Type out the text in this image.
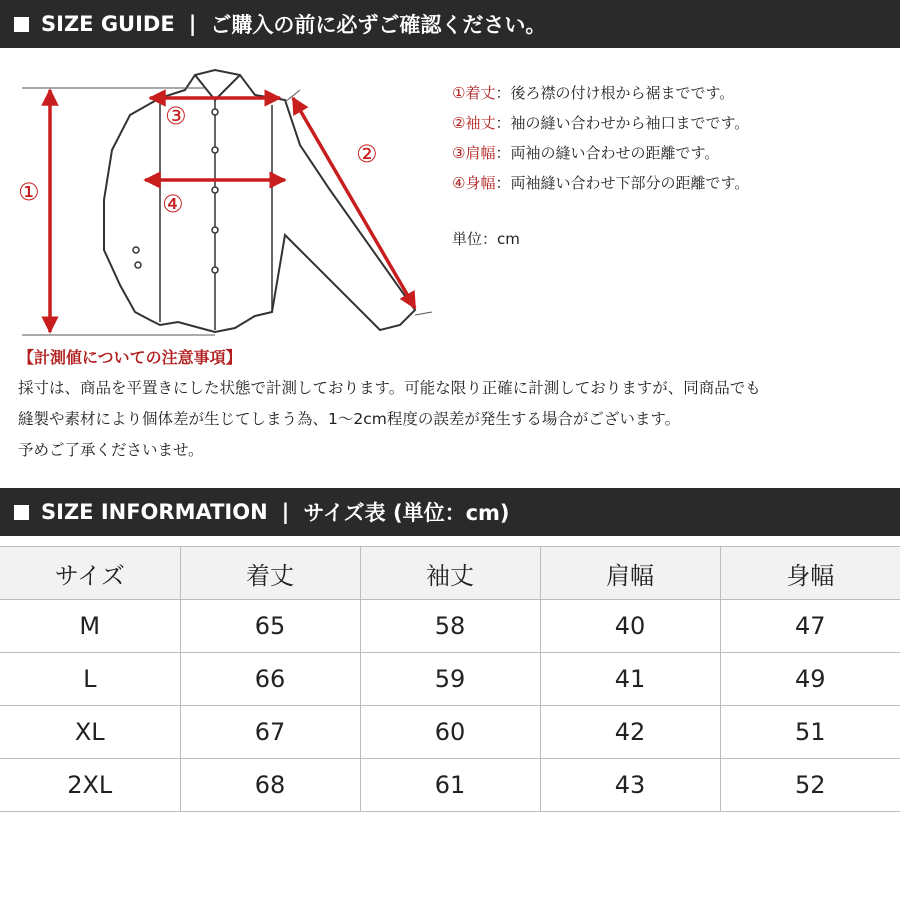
SIZE GUIDE | ご購入の前に必ずご確認ください。
①
②
③
④
①着丈：後ろ襟の付け根から裾までです。
②袖丈：袖の縫い合わせから袖口までです。
③肩幅：両袖の縫い合わせの距離です。
④身幅：両袖縫い合わせ下部分の距離です。
単位：cm
【計測値についての注意事項】
採寸は、商品を平置きにした状態で計測しております。可能な限り正確に計測しておりますが、同商品でも
縫製や素材により個体差が生じてしまう為、1～2cm程度の誤差が発生する場合がございます。
予めご了承くださいませ。
SIZE INFORMATION | サイズ表 (単位：cm)
サイズ	着丈	袖丈	肩幅	身幅
M	65	58	40	47
L	66	59	41	49
XL	67	60	42	51
2XL	68	61	43	52
